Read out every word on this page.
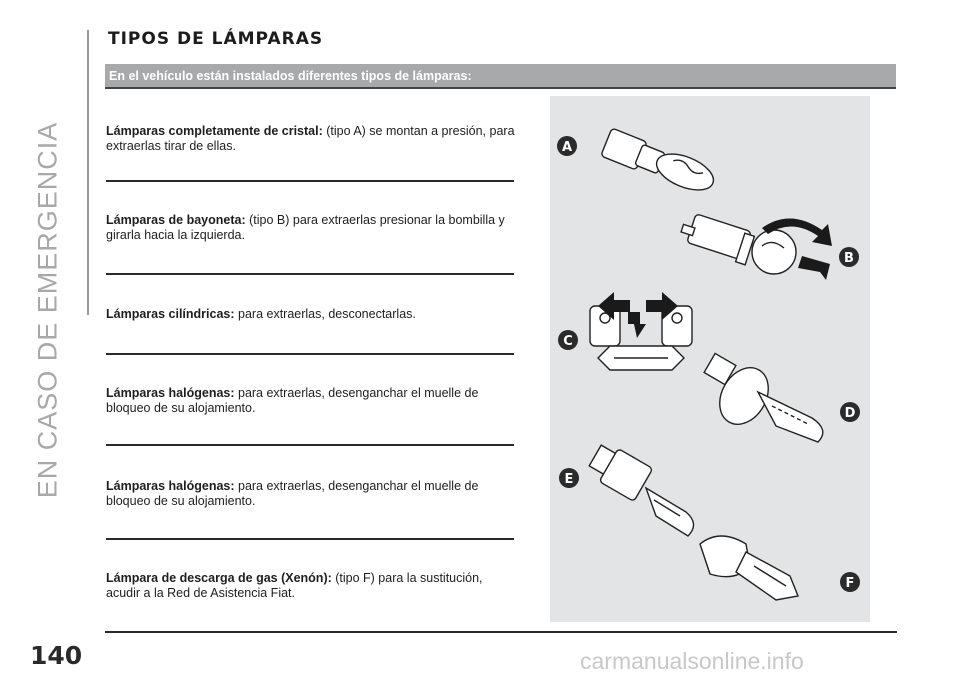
EN CASO DE EMERGENCIA
TIPOS DE LÁMPARAS
En el vehículo están instalados diferentes tipos de lámparas:
Lámparas completamente de cristal: (tipo A) se montan a presión, para extraerlas tirar de ellas.
Lámparas de bayoneta: (tipo B) para extraerlas presionar la bombilla y girarla hacia la izquierda.
Lámparas cilíndricas: para extraerlas, desconectarlas.
Lámparas halógenas: para extraerlas, desenganchar el muelle de bloqueo de su alojamiento.
Lámparas halógenas: para extraerlas, desenganchar el muelle de bloqueo de su alojamiento.
Lámpara de descarga de gas (Xenón): (tipo F) para la sustitución, acudir a la Red de Asistencia Fiat.
A
B
C
D
E
F
140	carmanualsonline.info
